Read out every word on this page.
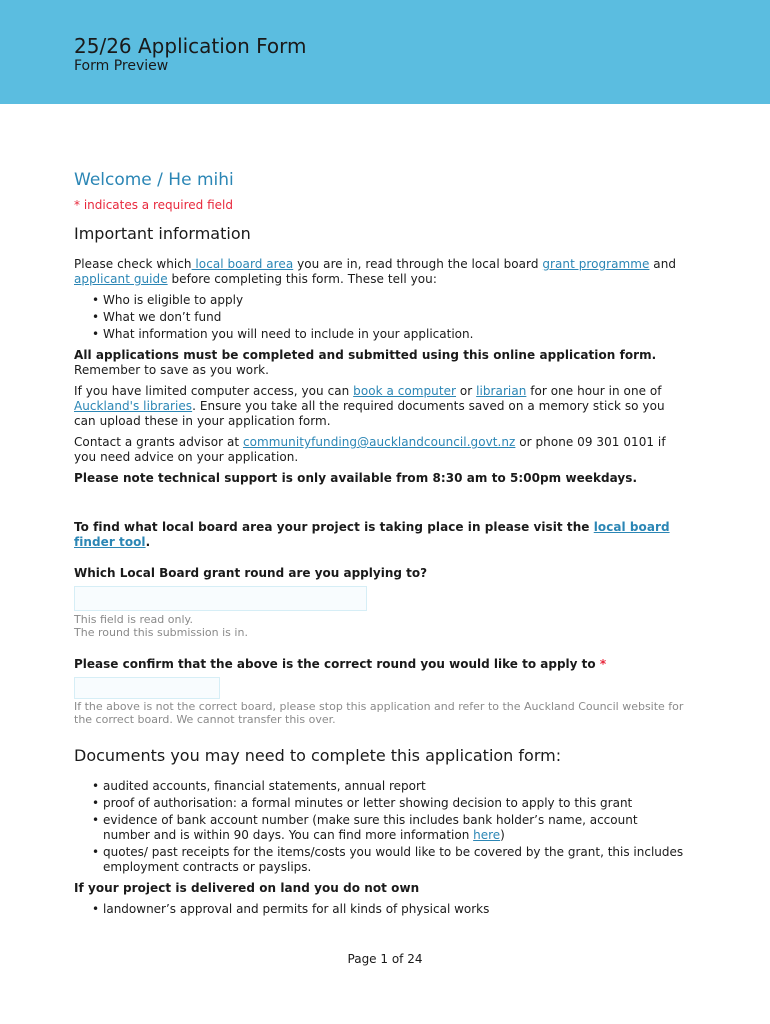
25/26 Application Form
Form Preview
Welcome / He mihi
* indicates a required field
Important information

Please check which local board area you are in, read through the local board grant programme and applicant guide before completing this form. These tell you:

• Who is eligible to apply
• What we don’t fund
• What information you will need to include in your application.

All applications must be completed and submitted using this online application form. Remember to save as you work.

If you have limited computer access, you can book a computer or librarian for one hour in one of Auckland's libraries. Ensure you take all the required documents saved on a memory stick so you can upload these in your application form.

Contact a grants advisor at communityfunding@aucklandcouncil.govt.nz or phone 09 301 0101 if you need advice on your application.

Please note technical support is only available from 8:30 am to 5:00pm weekdays.

To find what local board area your project is taking place in please visit the local board finder tool.

Which Local Board grant round are you applying to?
This field is read only.
The round this submission is in.
Please confirm that the above is the correct round you would like to apply to *
If the above is not the correct board, please stop this application and refer to the Auckland Council website for the correct board. We cannot transfer this over.
Documents you may need to complete this application form:
• audited accounts, financial statements, annual report
• proof of authorisation: a formal minutes or letter showing decision to apply to this grant
• evidence of bank account number (make sure this includes bank holder’s name, account number and is within 90 days. You can find more information here)
• quotes/ past receipts for the items/costs you would like to be covered by the grant, this includes employment contracts or payslips.

If your project is delivered on land you do not own

• landowner’s approval and permits for all kinds of physical works
Page 1 of 24
